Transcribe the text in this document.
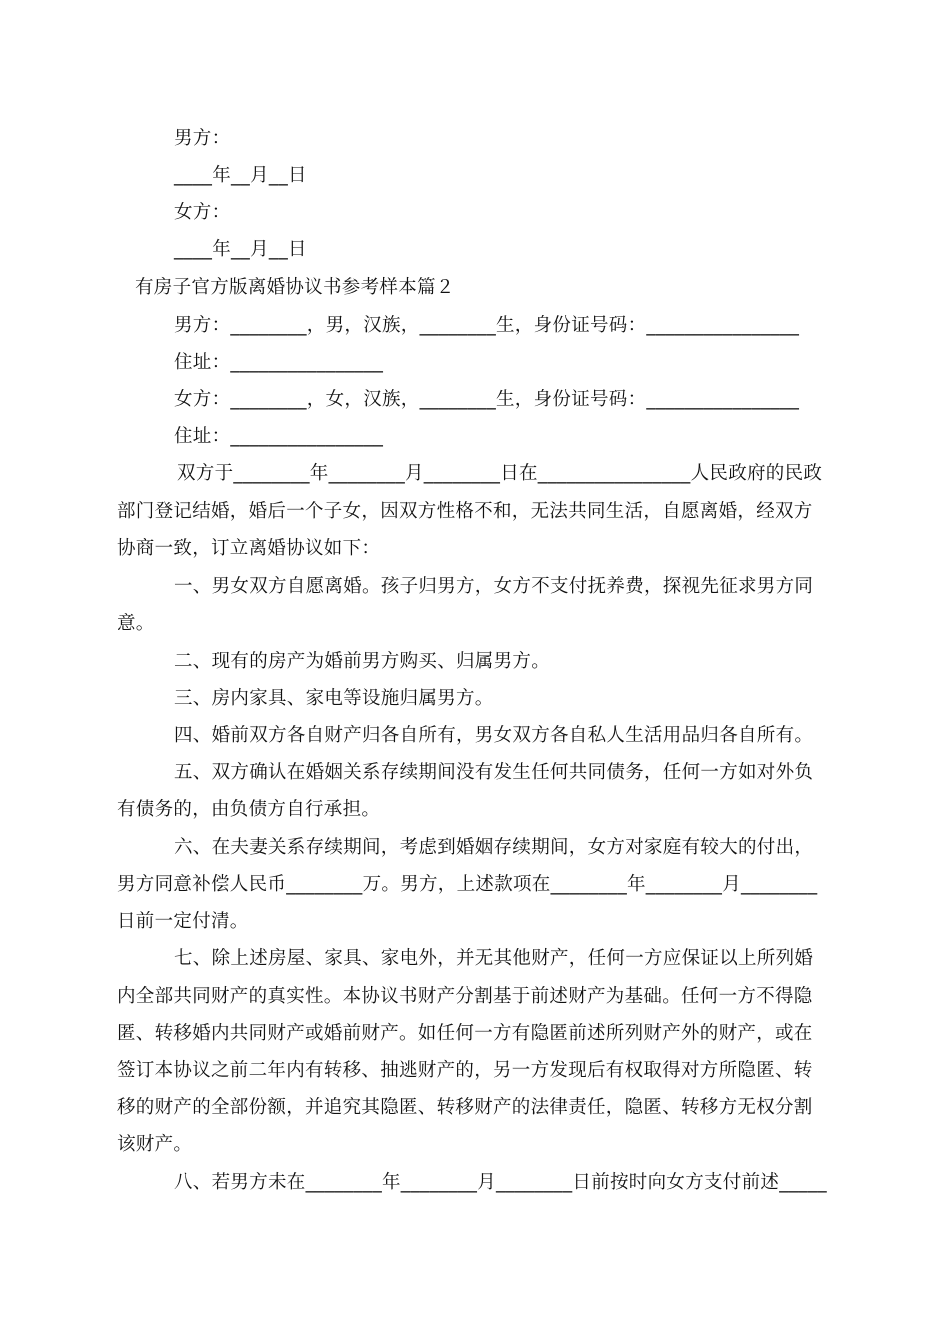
男方：
____年__月__日
女方：
____年__月__日
有房子官方版离婚协议书参考样本篇２
男方：________，男，汉族，________生，身份证号码：________________
住址：________________
女方：________，女，汉族，________生，身份证号码：________________
住址：________________
双方于________年________月________日在________________人民政府的民政
部门登记结婚，婚后一个子女，因双方性格不和，无法共同生活，自愿离婚，经双方
协商一致，订立离婚协议如下：
一、男女双方自愿离婚。孩子归男方，女方不支付抚养费，探视先征求男方同
意。
二、现有的房产为婚前男方购买、归属男方。
三、房内家具、家电等设施归属男方。
四、婚前双方各自财产归各自所有，男女双方各自私人生活用品归各自所有。
五、双方确认在婚姻关系存续期间没有发生任何共同债务，任何一方如对外负
有债务的，由负债方自行承担。
六、在夫妻关系存续期间，考虑到婚姻存续期间，女方对家庭有较大的付出，
男方同意补偿人民币________万。男方，上述款项在________年________月________
日前一定付清。
七、除上述房屋、家具、家电外，并无其他财产，任何一方应保证以上所列婚
内全部共同财产的真实性。本协议书财产分割基于前述财产为基础。任何一方不得隐
匿、转移婚内共同财产或婚前财产。如任何一方有隐匿前述所列财产外的财产，或在
签订本协议之前二年内有转移、抽逃财产的，另一方发现后有权取得对方所隐匿、转
移的财产的全部份额，并追究其隐匿、转移财产的法律责任，隐匿、转移方无权分割
该财产。
八、若男方未在________年________月________日前按时向女方支付前述_____
